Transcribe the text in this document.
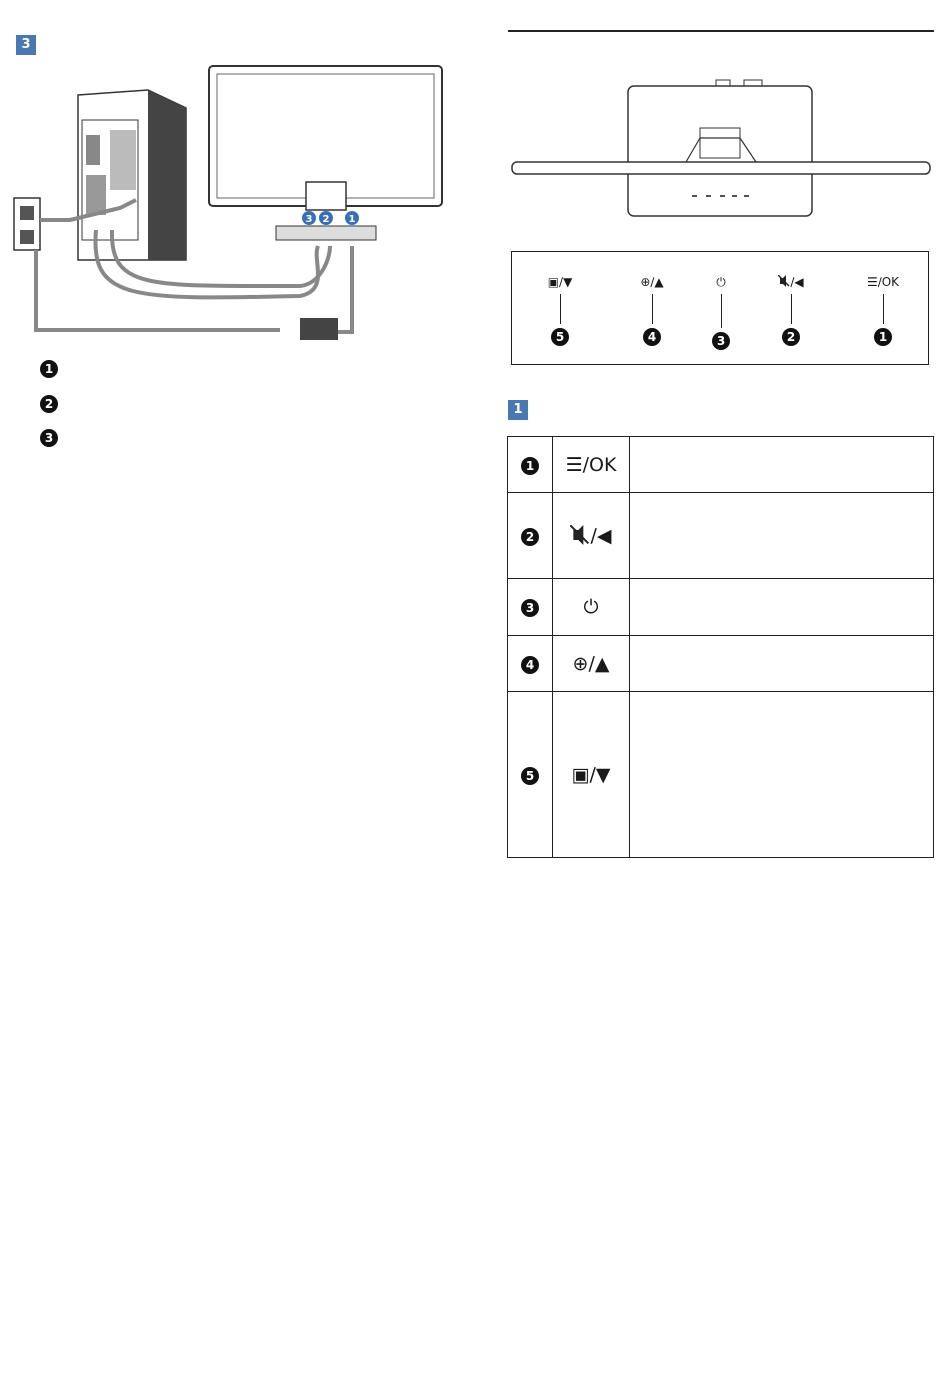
3
3 2 1
1
2
3
▣∕▼
5
⊕∕▲
4
⏻
3
∕◀
2
☰∕OK
1
1
1	☰∕OK	
2	∕◀	
3	⏻	
4	⊕∕▲	
5	▣∕▼	
